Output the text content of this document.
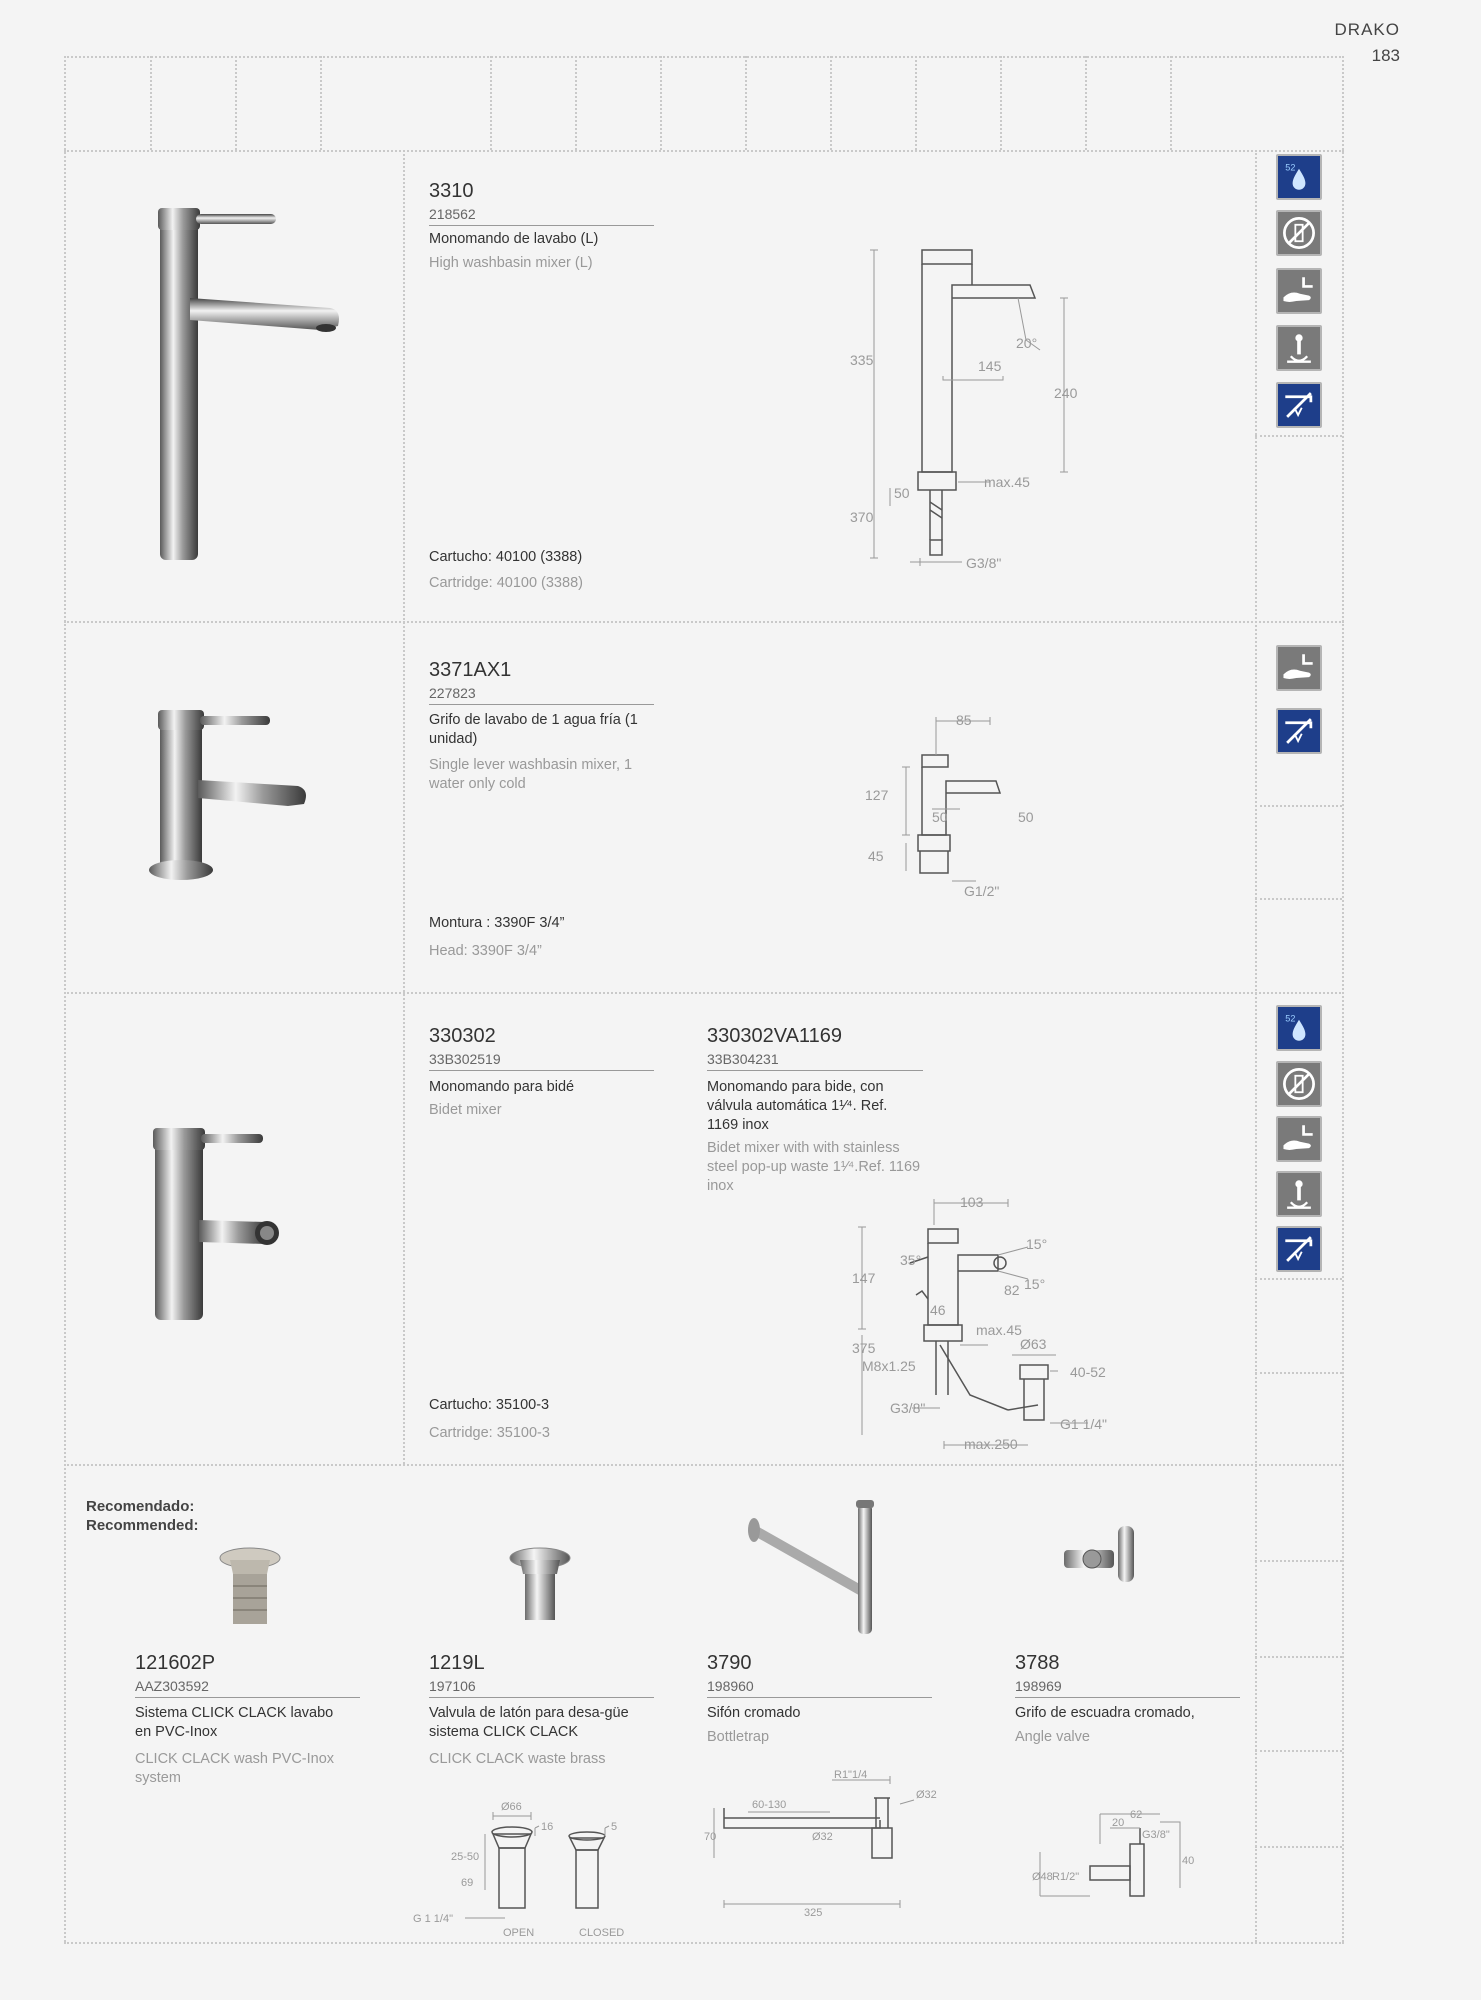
DRAKO
183
3310
218562
Monomando de lavabo (L)
High washbasin mixer (L)
Cartucho: 40100 (3388)
Cartridge: 40100 (3388)
335	145
20°
240
50
370
max.45
G3/8"
52
3371AX1
227823
Grifo de lavabo de 1 agua fría (1 unidad)
Single lever washbasin mixer, 1 water only cold
Montura : 3390F 3/4”
Head: 3390F 3/4”
85
127
50	50
45
G1/2"
330302
33B302519
Monomando para bidé
Bidet mixer
330302VA1169
33B304231
Monomando para bide, con válvula automática 1¹⁄⁴. Ref. 1169 inox
Bidet mixer with with stainless steel pop-up waste 1¹⁄⁴.Ref. 1169 inox
Cartucho: 35100-3
Cartridge: 35100-3
103
35°
15°
15°
147
82
46
max.45
375
M8x1.25
Ø63
40-52
G3/8"
G1 1/4"
max.250
52
Recomendado:
Recommended:
121602P
AAZ303592
Sistema CLICK CLACK lavabo en PVC-Inox
CLICK CLACK wash PVC-Inox system
1219L
197106
Valvula de latón para desa-güe sistema CLICK CLACK
CLICK CLACK waste brass
Ø66
16
25-50
69
5
G 1 1/4"
OPEN	CLOSED
3790
198960
Sifón cromado
Bottletrap
R1"1/4
60-130
Ø32
Ø32
70
325
3788
198969
Grifo de escuadra cromado,
Angle valve
62
20
G3/8"
40
Ø48 R1/2"
